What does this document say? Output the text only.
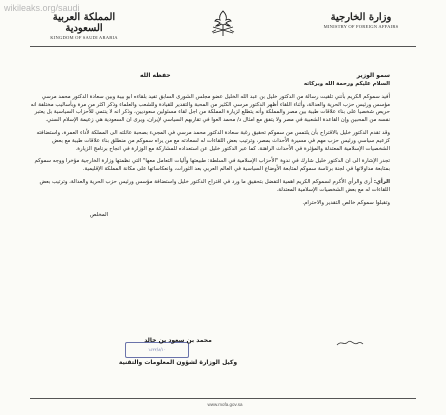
wikileaks.org/saudi
وزارة الخارجية
MINISTRY OF FOREIGN AFFAIRS
المملكة العربية السعودية
KINGDOM OF SAUDI ARABIA
سمو الوزير
حفظه الله

السلام عليكم ورحمة الله وبركاته

أفيد سموكم الكريم بأنني تلقيت رسالة من الدكتور خليل بن عبد الله الخليل عضو مجلس الشورى السابق تفيد بلقاءه ابو بيبة وبين سعادة الدكتور محمد مرسي مؤسس ورئيس حزب الحرية والعدالة، وأثناء اللقاء أظهر الدكتور مرسي الكثير من المحبة والتقدير للقيادة وللشعب والعلماء وذكر اكثر من مرة وبأساليب مختلفة انه حريص شخصيا على بناء علاقات طيبة بين مصر والمملكة وأنه يتطلع لزيارة المملكة من اجل لقاء مسئولين سعوديين، وذكر انه لا ينتمي للأحزاب السياسية بل يعتبر نفسه من المحبين وإن القاعدة الشعبية في مصر ولا يتفق مع امثال د/ محمد العوا في تقاربهم السياسي لإيران، ويرى ان السعودية هي زعيمة الإسلام السني.

وقد تقدم الدكتور خليل بالاقتراح بأن يلتمس من سموكم تحقيق رغبة سعادة الدكتور محمد مرسي في المجيء بصحبة عائلته الى المملكة لأداء العمرة، واستضافته كزعيم سياسي ورئيس حزب مهم في مسيرة الأحداث بمصر، وترتيب بعض اللقاءات له لسعادته مع من يراه سموكم من منطلق بناء علاقات طيبة مع بعض الشخصيات الإسلامية المعتدلة والمؤثرة في الأحداث الراهنة. كما عبر الدكتور خليل عن استعداده للمشاركة مع الوزارة في انجاح برنامج الزيارة.

تجدر الإشارة الى ان الدكتور خليل شارك في ندوة "الأحزاب الإسلامية في السلطة: طبيعتها وآليات التعامل معها" التي نظمتها وزارة الخارجية مؤخرا ووجه سموكم بمتابعة مداولاتها في لجنة برئاسة سموكم لمتابعة الأوضاع السياسية في العالم العربي بعد الثورات، وانعكاساتها على مكانة المملكة الإقليمية.

الرأي: أرى والرأي الأكرم لسموكم الكريم اهمية التفضل بتحقيق ما ورد في اقتراح الدكتور خليل واستضافة مؤسس ورئيس حزب الحرية والعدالة، وترتيب بعض اللقاءات له مع بعض الشخصيات الإسلامية المعتدلة.

وتقبلوا سموكم خالص التقدير والاحترام.

المخلص

١٤٣٢/٨/١٠
محمد بن سعود بن خالد
وكيل الوزارة لشؤون المعلومات والتقنية
www.mofa.gov.sa
